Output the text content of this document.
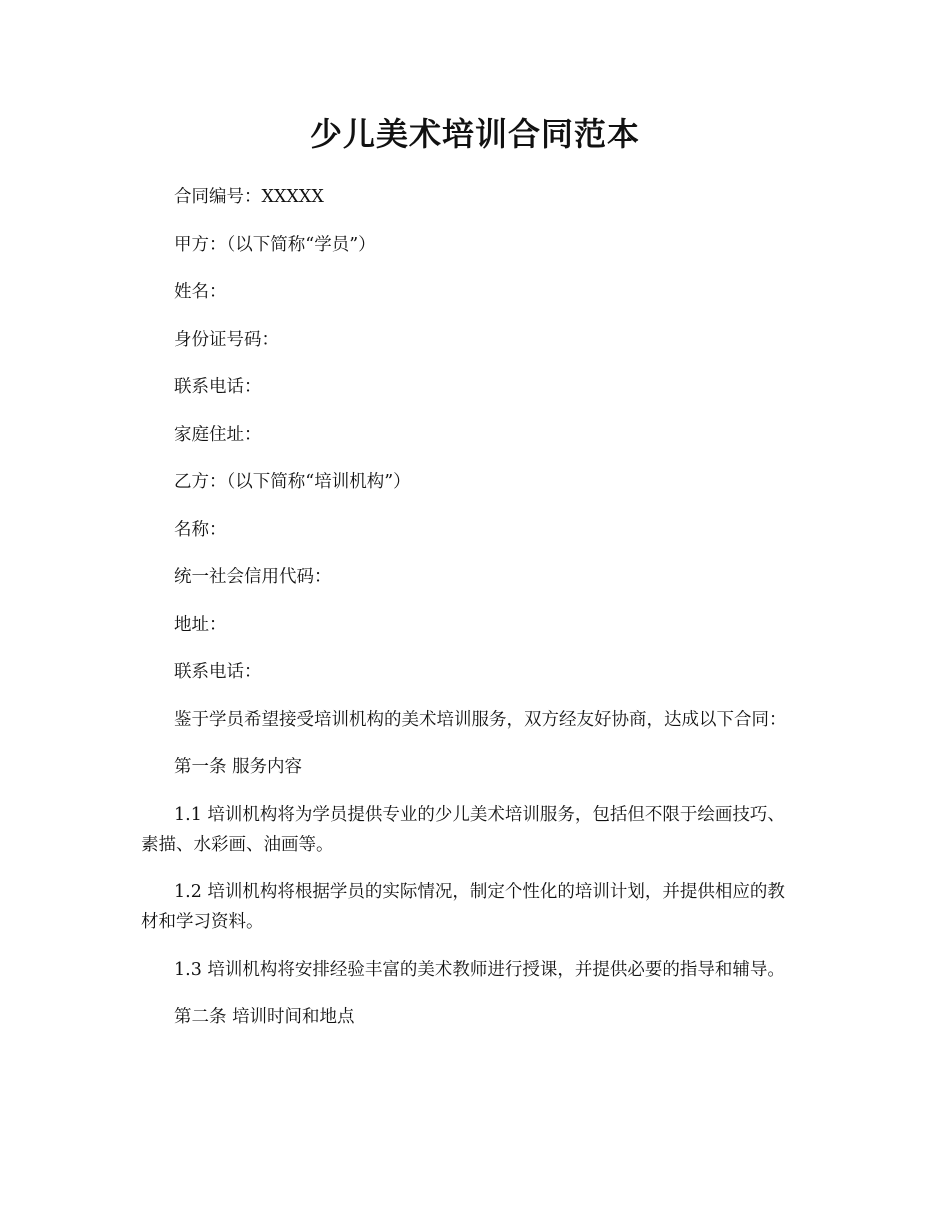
少儿美术培训合同范本

合同编号：XXXXX

甲方：（以下简称“学员”）

姓名：

身份证号码：

联系电话：

家庭住址：

乙方：（以下简称“培训机构”）

名称：

统一社会信用代码：

地址：

联系电话：

鉴于学员希望接受培训机构的美术培训服务，双方经友好协商，达成以下合同：

第一条 服务内容

1.1 培训机构将为学员提供专业的少儿美术培训服务，包括但不限于绘画技巧、素描、水彩画、油画等。

1.2 培训机构将根据学员的实际情况，制定个性化的培训计划，并提供相应的教材和学习资料。

1.3 培训机构将安排经验丰富的美术教师进行授课，并提供必要的指导和辅导。

第二条 培训时间和地点
